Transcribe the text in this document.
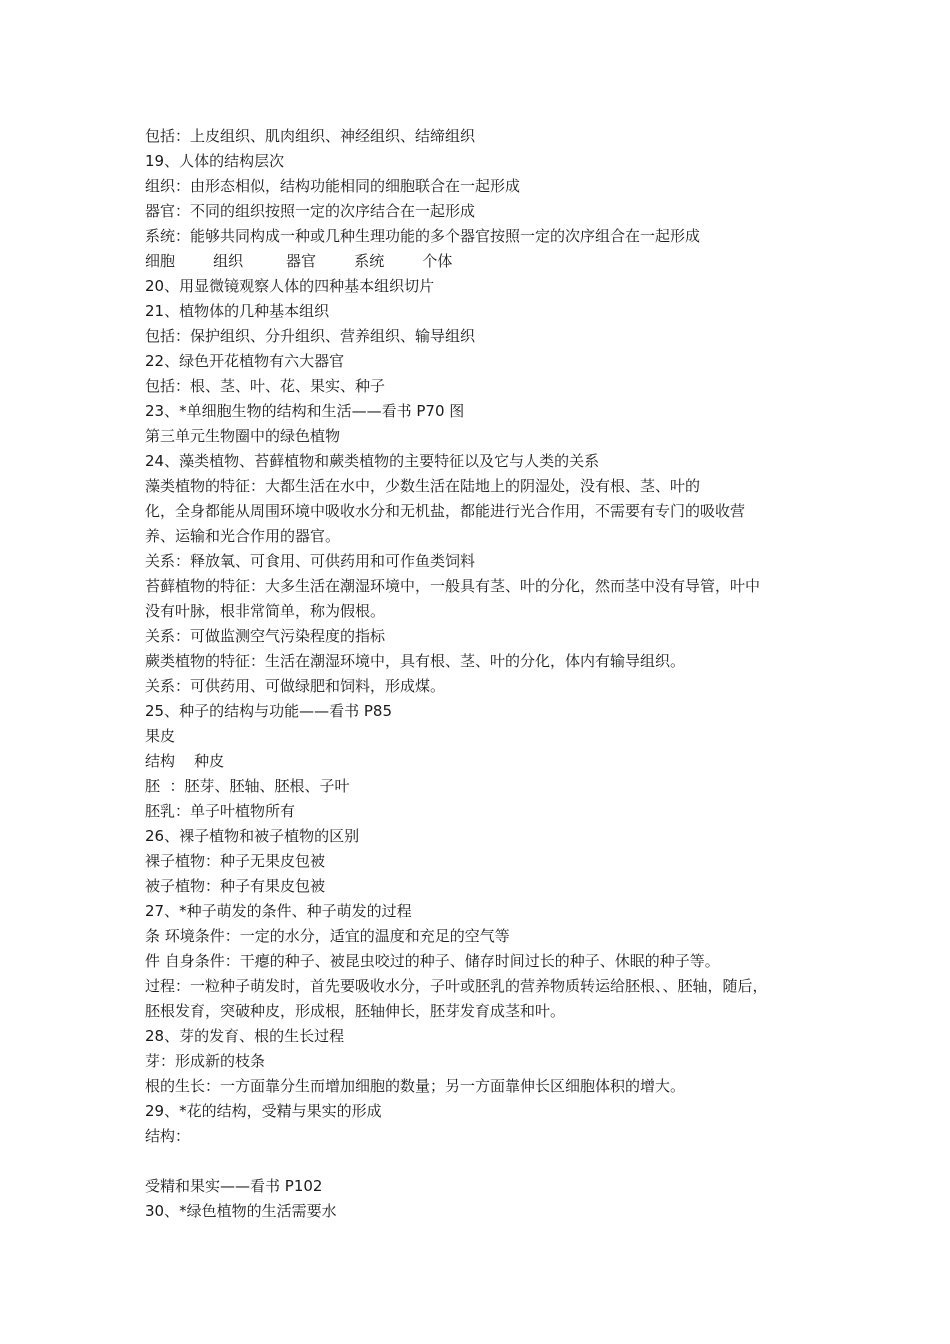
包括：上皮组织、肌肉组织、神经组织、结缔组织
19、人体的结构层次
组织：由形态相似，结构功能相同的细胞联合在一起形成
器官：不同的组织按照一定的次序结合在一起形成
系统：能够共同构成一种或几种生理功能的多个器官按照一定的次序组合在一起形成
细胞        组织         器官        系统        个体
20、用显微镜观察人体的四种基本组织切片
21、植物体的几种基本组织
包括：保护组织、分升组织、营养组织、输导组织
22、绿色开花植物有六大器官
包括：根、茎、叶、花、果实、种子
23、*单细胞生物的结构和生活——看书 P70 图
第三单元生物圈中的绿色植物
24、藻类植物、苔藓植物和蕨类植物的主要特征以及它与人类的关系
藻类植物的特征：大都生活在水中，少数生活在陆地上的阴湿处，没有根、茎、叶的
化，全身都能从周围环境中吸收水分和无机盐，都能进行光合作用，不需要有专门的吸收营
养、运输和光合作用的器官。
关系：释放氧、可食用、可供药用和可作鱼类饲料
苔藓植物的特征：大多生活在潮湿环境中，一般具有茎、叶的分化，然而茎中没有导管，叶中
没有叶脉，根非常简单，称为假根。
关系：可做监测空气污染程度的指标
蕨类植物的特征：生活在潮湿环境中，具有根、茎、叶的分化，体内有输导组织。
关系：可供药用、可做绿肥和饲料，形成煤。
25、种子的结构与功能——看书 P85
果皮
结构    种皮
胚  ：胚芽、胚轴、胚根、子叶
胚乳：单子叶植物所有
26、裸子植物和被子植物的区别
裸子植物：种子无果皮包被
被子植物：种子有果皮包被
27、*种子萌发的条件、种子萌发的过程
条 环境条件：一定的水分，适宜的温度和充足的空气等
件 自身条件：干瘪的种子、被昆虫咬过的种子、储存时间过长的种子、休眠的种子等。
过程：一粒种子萌发时，首先要吸收水分，子叶或胚乳的营养物质转运给胚根、、胚轴，随后，
胚根发育，突破种皮，形成根，胚轴伸长，胚芽发育成茎和叶。
28、芽的发育、根的生长过程
芽：形成新的枝条
根的生长：一方面靠分生而增加细胞的数量；另一方面靠伸长区细胞体积的增大。
29、*花的结构，受精与果实的形成
结构：
受精和果实——看书 P102
30、*绿色植物的生活需要水
